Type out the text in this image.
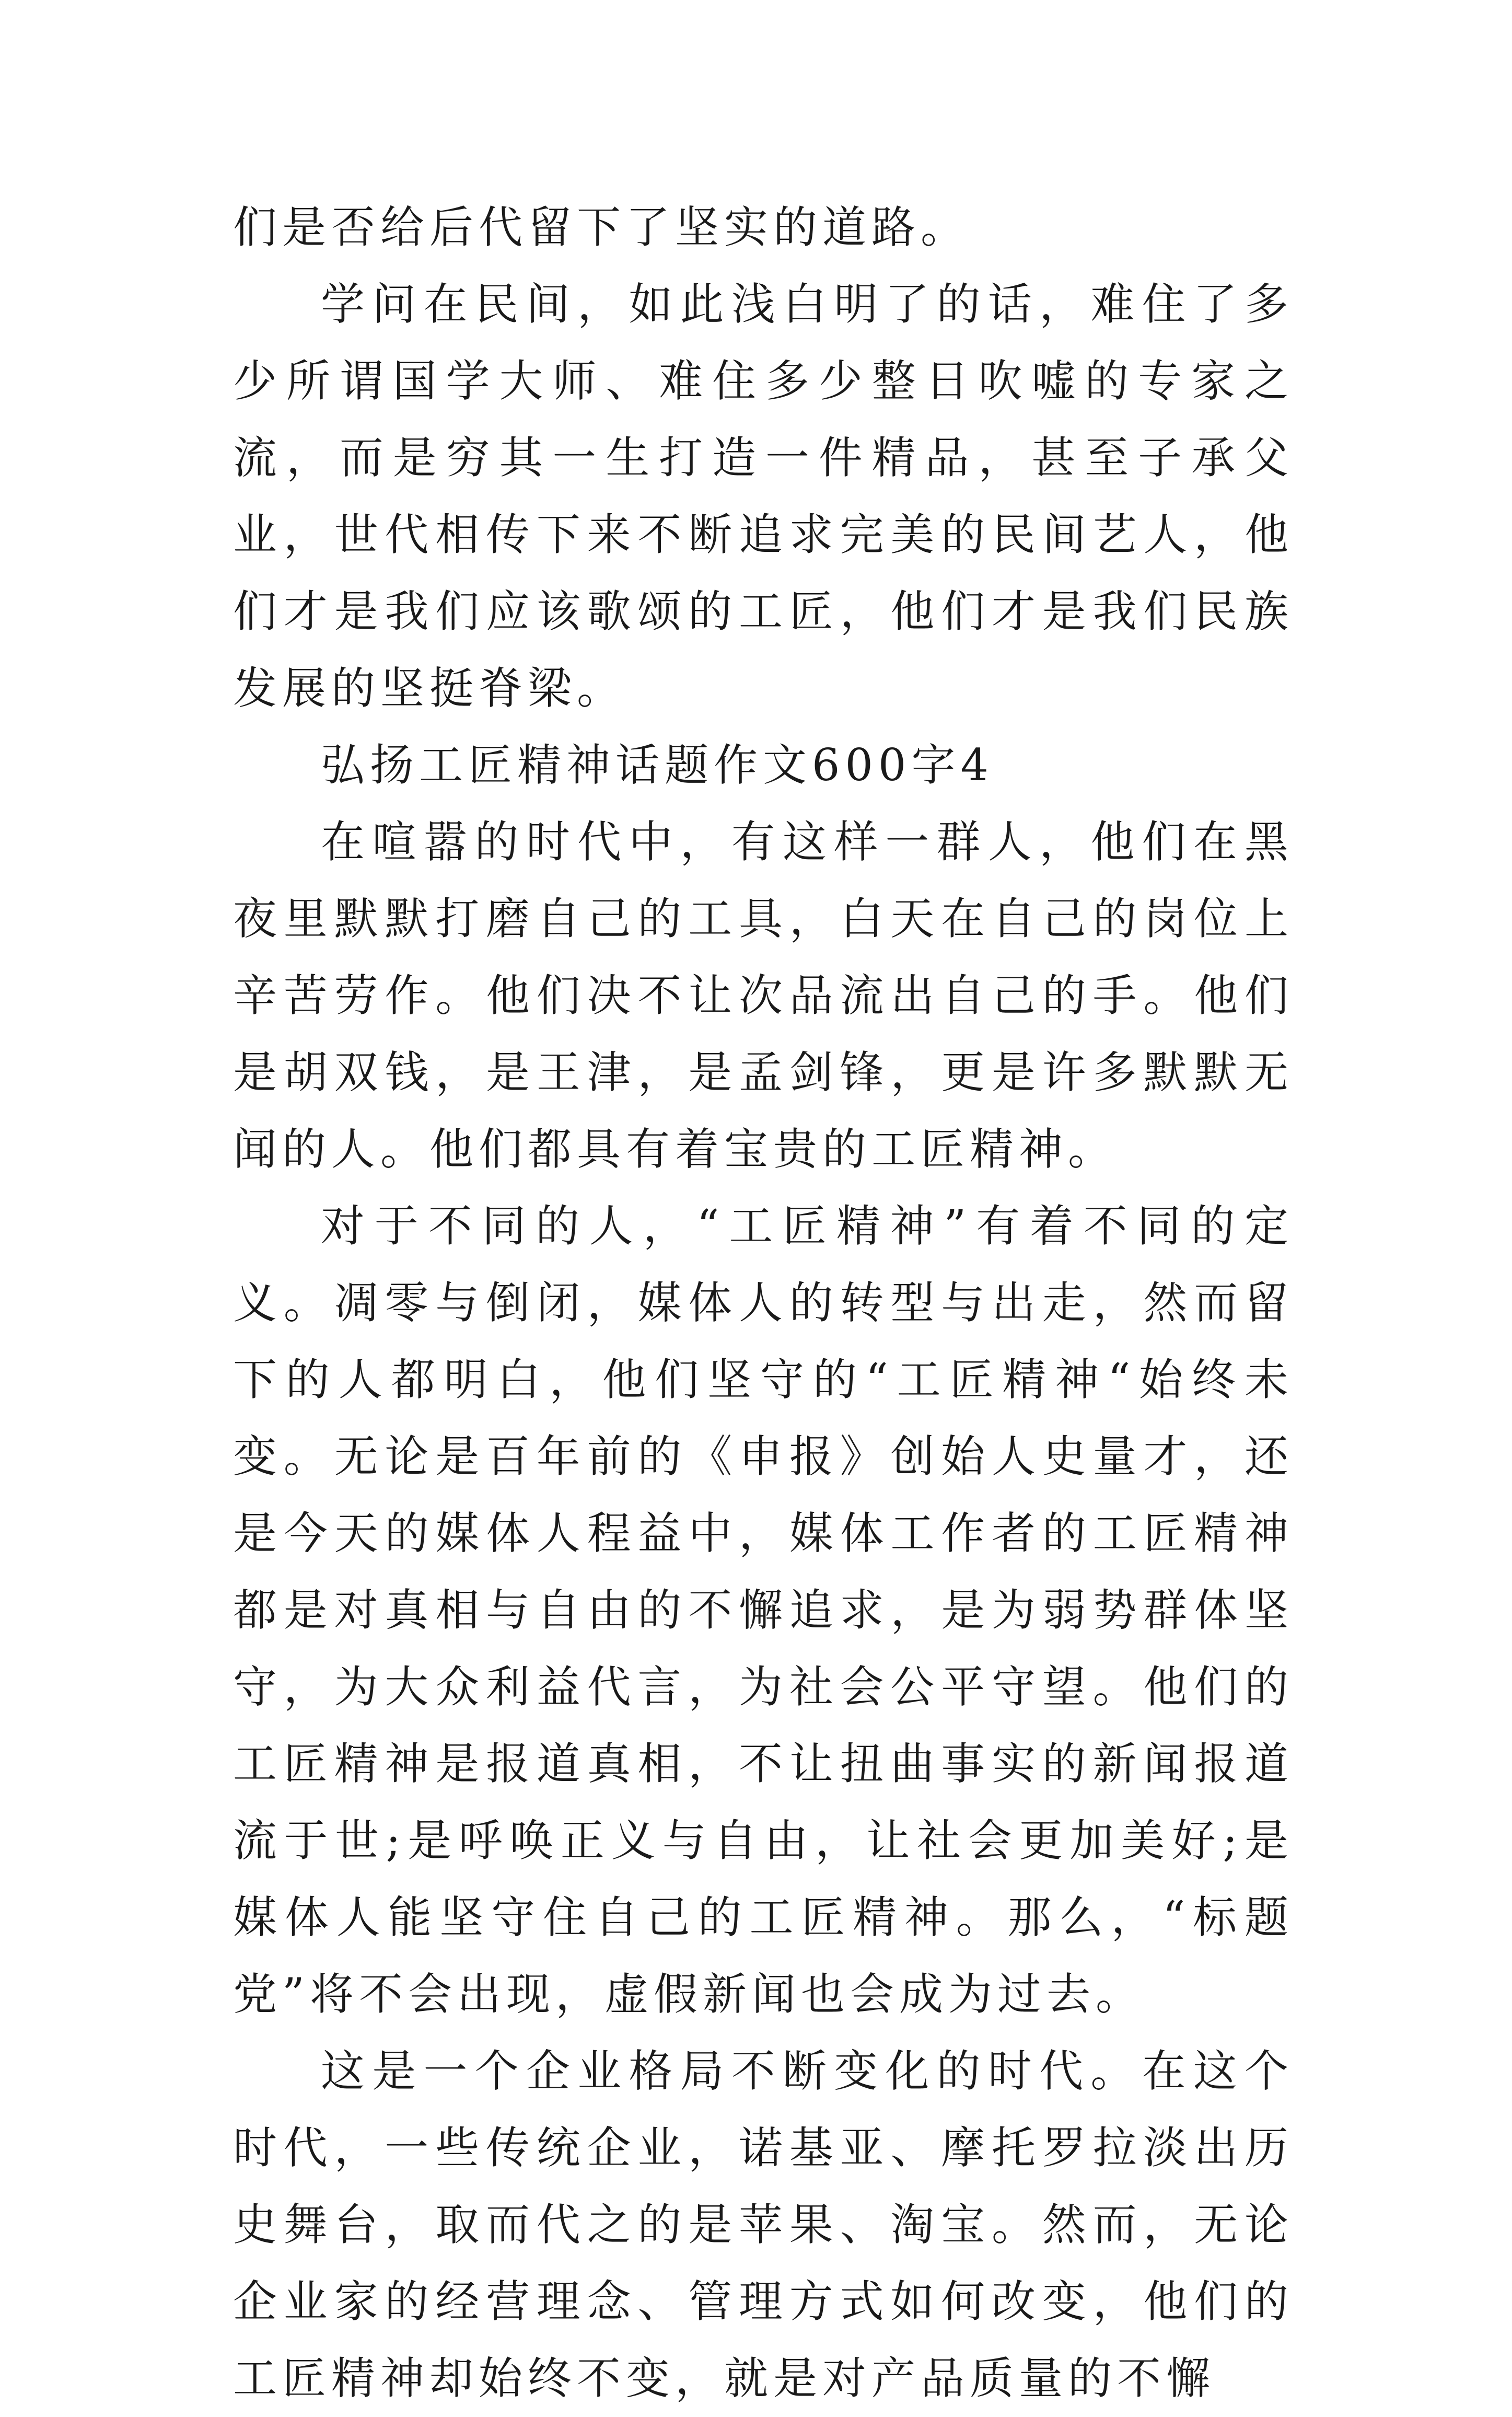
们是否给后代留下了坚实的道路。

学问在民间，如此浅白明了的话，难住了多少所谓国学大师、难住多少整日吹嘘的专家之流，而是穷其一生打造一件精品，甚至子承父业，世代相传下来不断追求完美的民间艺人，他们才是我们应该歌颂的工匠，他们才是我们民族发展的坚挺脊梁。

弘扬工匠精神话题作文600字4

在喧嚣的时代中，有这样一群人，他们在黑夜里默默打磨自己的工具，白天在自己的岗位上辛苦劳作。他们决不让次品流出自己的手。他们是胡双钱，是王津，是孟剑锋，更是许多默默无闻的人。他们都具有着宝贵的工匠精神。

对于不同的人，“工匠精神”有着不同的定义。凋零与倒闭，媒体人的转型与出走，然而留下的人都明白，他们坚守的“工匠精神“始终未变。无论是百年前的《申报》创始人史量才，还是今天的媒体人程益中，媒体工作者的工匠精神都是对真相与自由的不懈追求，是为弱势群体坚守，为大众利益代言，为社会公平守望。他们的工匠精神是报道真相，不让扭曲事实的新闻报道流于世;是呼唤正义与自由，让社会更加美好;是媒体人能坚守住自己的工匠精神。那么，“标题党”将不会出现，虚假新闻也会成为过去。

这是一个企业格局不断变化的时代。在这个时代，一些传统企业，诺基亚、摩托罗拉淡出历史舞台，取而代之的是苹果、淘宝。然而，无论企业家的经营理念、管理方式如何改变，他们的工匠精神却始终不变，就是对产品质量的不懈
